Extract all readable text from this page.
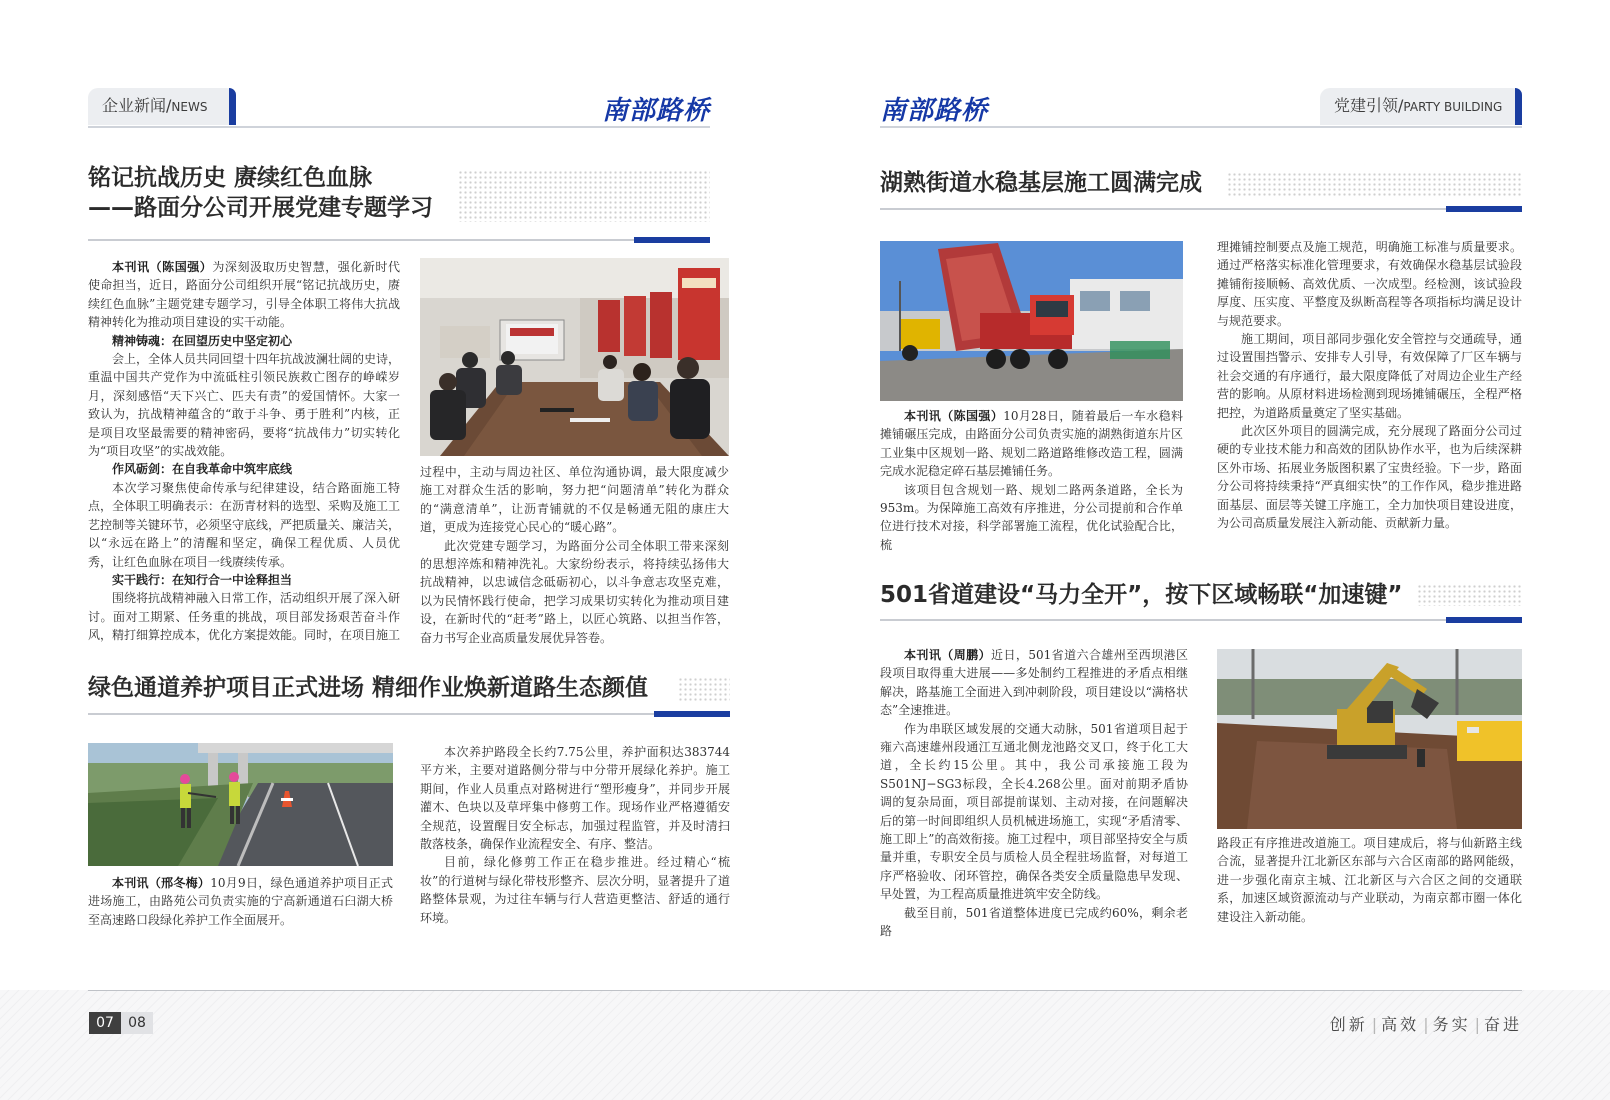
企业新闻/NEWS	南部路桥
铭记抗战历史 赓续红色血脉
——路面分公司开展党建专题学习

本刊讯（陈国强）为深刻汲取历史智慧，强化新时代使命担当，近日，路面分公司组织开展“铭记抗战历史，赓续红色血脉”主题党建专题学习，引导全体职工将伟大抗战精神转化为推动项目建设的实干动能。

精神铸魂：在回望历史中坚定初心

会上，全体人员共同回望十四年抗战波澜壮阔的史诗，重温中国共产党作为中流砥柱引领民族救亡图存的峥嵘岁月，深刻感悟“天下兴亡、匹夫有责”的爱国情怀。大家一致认为，抗战精神蕴含的“敢于斗争、勇于胜利”内核，正是项目攻坚最需要的精神密码，要将“抗战伟力”切实转化为“项目攻坚”的实战效能。

作风砺剑：在自我革命中筑牢底线

本次学习聚焦使命传承与纪律建设，结合路面施工特点，全体职工明确表示：在沥青材料的选型、采购及施工工艺控制等关键环节，必须坚守底线，严把质量关、廉洁关，以“永远在路上”的清醒和坚定，确保工程优质、人员优秀，让红色血脉在项目一线赓续传承。

实干践行：在知行合一中诠释担当

围绕将抗战精神融入日常工作，活动组织开展了深入研讨。面对工期紧、任务重的挑战，项目部发扬艰苦奋斗作风，精打细算控成本，优化方案提效能。同时，在项目施工

过程中，主动与周边社区、单位沟通协调，最大限度减少施工对群众生活的影响，努力把“问题清单”转化为群众的“满意清单”，让沥青铺就的不仅是畅通无阻的康庄大道，更成为连接党心民心的“暖心路”。

此次党建专题学习，为路面分公司全体职工带来深刻的思想淬炼和精神洗礼。大家纷纷表示，将持续弘扬伟大抗战精神，以忠诚信念砥砺初心，以斗争意志攻坚克难，以为民情怀践行使命，把学习成果切实转化为推动项目建设，在新时代的“赶考”路上，以匠心筑路、以担当作答，奋力书写企业高质量发展优异答卷。

绿色通道养护项目正式进场 精细作业焕新道路生态颜值

本刊讯（邢冬梅）10月9日，绿色通道养护项目正式进场施工，由路苑公司负责实施的宁高新通道石臼湖大桥至高速路口段绿化养护工作全面展开。

本次养护路段全长约7.75公里，养护面积达383744平方米，主要对道路侧分带与中分带开展绿化养护。施工期间，作业人员重点对路树进行“塑形瘦身”，并同步开展灌木、色块以及草坪集中修剪工作。现场作业严格遵循安全规范，设置醒目安全标志，加强过程监管，并及时清扫散落枝条，确保作业流程安全、有序、整洁。

目前，绿化修剪工作正在稳步推进。经过精心“梳妆”的行道树与绿化带枝形整齐、层次分明，显著提升了道路整体景观，为过往车辆与行人营造更整洁、舒适的通行环境。

南部路桥	党建引领/PARTY BUILDING
湖熟街道水稳基层施工圆满完成

本刊讯（陈国强）10月28日，随着最后一车水稳料摊铺碾压完成，由路面分公司负责实施的湖熟街道东片区工业集中区规划一路、规划二路道路维修改造工程，圆满完成水泥稳定碎石基层摊铺任务。

该项目包含规划一路、规划二路两条道路，全长为953m。为保障施工高效有序推进，分公司提前和合作单位进行技术对接，科学部署施工流程，优化试验配合比，梳

理摊铺控制要点及施工规范，明确施工标准与质量要求。通过严格落实标准化管理要求，有效确保水稳基层试验段摊铺衔接顺畅、高效优质、一次成型。经检测，该试验段厚度、压实度、平整度及纵断高程等各项指标均满足设计与规范要求。

施工期间，项目部同步强化安全管控与交通疏导，通过设置围挡警示、安排专人引导，有效保障了厂区车辆与社会交通的有序通行，最大限度降低了对周边企业生产经营的影响。从原材料进场检测到现场摊铺碾压，全程严格把控，为道路质量奠定了坚实基础。

此次区外项目的圆满完成，充分展现了路面分公司过硬的专业技术能力和高效的团队协作水平，也为后续深耕区外市场、拓展业务版图积累了宝贵经验。下一步，路面分公司将持续秉持“严真细实快”的工作作风，稳步推进路面基层、面层等关键工序施工，全力加快项目建设进度，为公司高质量发展注入新动能、贡献新力量。

501省道建设“马力全开”，按下区域畅联“加速键”

本刊讯（周鹏）近日，501省道六合雄州至西坝港区段项目取得重大进展——多处制约工程推进的矛盾点相继解决，路基施工全面进入到冲刺阶段，项目建设以“满格状态”全速推进。

作为串联区域发展的交通大动脉，501省道项目起于雍六高速雄州段通江互通北侧龙池路交叉口，终于化工大道，全长约15公里。其中，我公司承接施工段为S501NJ−SG3标段，全长4.268公里。面对前期矛盾协调的复杂局面，项目部提前谋划、主动对接，在问题解决后的第一时间即组织人员机械进场施工，实现“矛盾清零、施工即上”的高效衔接。施工过程中，项目部坚持安全与质量并重，专职安全员与质检人员全程驻场监督，对每道工序严格验收、闭环管控，确保各类安全质量隐患早发现、早处置，为工程高质量推进筑牢安全防线。

截至目前，501省道整体进度已完成约60%，剩余老路

路段正有序推进改道施工。项目建成后，将与仙新路主线合流，显著提升江北新区东部与六合区南部的路网能级，进一步强化南京主城、江北新区与六合区之间的交通联系，加速区域资源流动与产业联动，为南京都市圈一体化建设注入新动能。

07	08	创新 | 高效 | 务实 | 奋进
